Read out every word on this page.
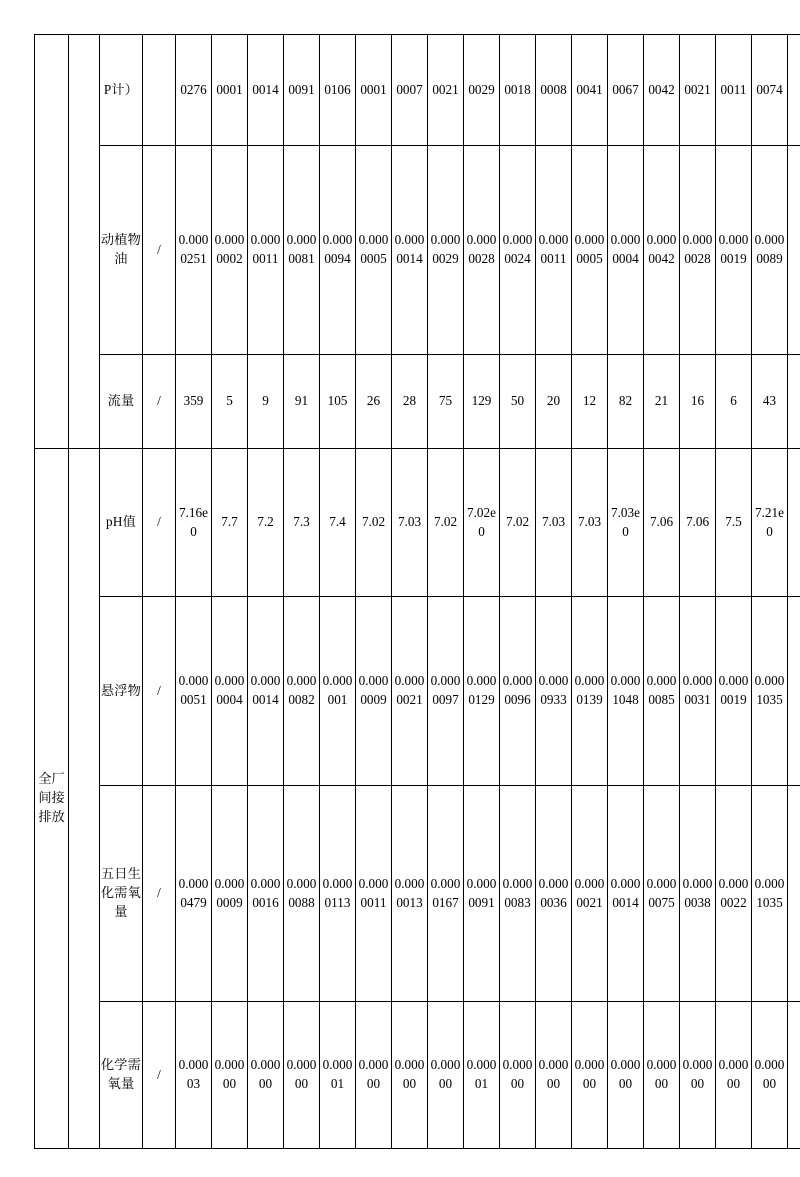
		P计）		0276	0001	0014	0091	0106	0001	0007	0021	0029	0018	0008	0041	0067	0042	0021	0011	0074	
		动植物油	/	0.0000251	0.0000002	0.0000011	0.0000081	0.0000094	0.0000005	0.0000014	0.0000029	0.0000028	0.0000024	0.0000011	0.0000005	0.0000004	0.0000042	0.0000028	0.0000019	0.0000089	
		流量	/	359	5	9	91	105	26	28	75	129	50	20	12	82	21	16	6	43	
全厂间接排放		pH值	/	7.16e0	7.7	7.2	7.3	7.4	7.02	7.03	7.02	7.02e0	7.02	7.03	7.03	7.03e0	7.06	7.06	7.5	7.21e0	
		悬浮物	/	0.0000051	0.0000004	0.0000014	0.0000082	0.000001	0.0000009	0.0000021	0.0000097	0.0000129	0.0000096	0.0000933	0.0000139	0.0001048	0.0000085	0.0000031	0.0000019	0.0001035	
		五日生化需氧量	/	0.0000479	0.0000009	0.0000016	0.0000088	0.0000113	0.0000011	0.0000013	0.0000167	0.0000091	0.0000083	0.0000036	0.0000021	0.0000014	0.0000075	0.0000038	0.0000022	0.0001035	
		化学需氧量	/	0.00003	0.00000	0.00000	0.00000	0.00001	0.00000	0.00000	0.00000	0.00001	0.00000	0.00000	0.00000	0.00000	0.00000	0.00000	0.00000	0.00000	
